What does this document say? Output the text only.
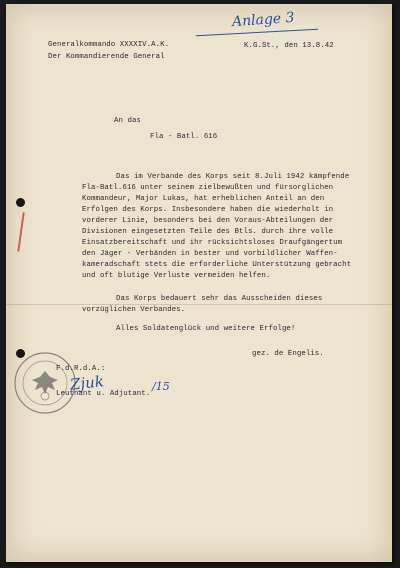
Anlage 3
Generalkommando XXXXIV.A.K.
Der Kommandierende General
K.G.St., den 13.8.42
An das
Fla - Batl. 616
Das im Verbande des Korps seit 8.Juli 1942 kämpfende
Fla-Batl.616 unter seinem zielbewußten und fürsorglichen
Kommandeur, Major Lukas, hat erheblichen Anteil an den
Erfolgen des Korps. Insbesondere haben die wiederholt in
vorderer Linie, besonders bei den Voraus-Abteilungen der
Divisionen eingesetzten Teile des Btls. durch ihre volle
Einsatzbereitschaft und ihr rücksichtsloses Draufgängertum
den Jäger - Verbänden in bester und vorbildlicher Waffen-
kameradschaft stets die erforderliche Unterstützung gebracht
und oft blutige Verluste vermeiden helfen.
Das Korps bedauert sehr das Ausscheiden dieses
vorzüglichen Verbandes.
Alles Soldatenglück und weitere Erfolge!
gez. de Engelis.
F.d.R.d.A.:
Zjuk
Leutnant u. Adjutant.
/15
